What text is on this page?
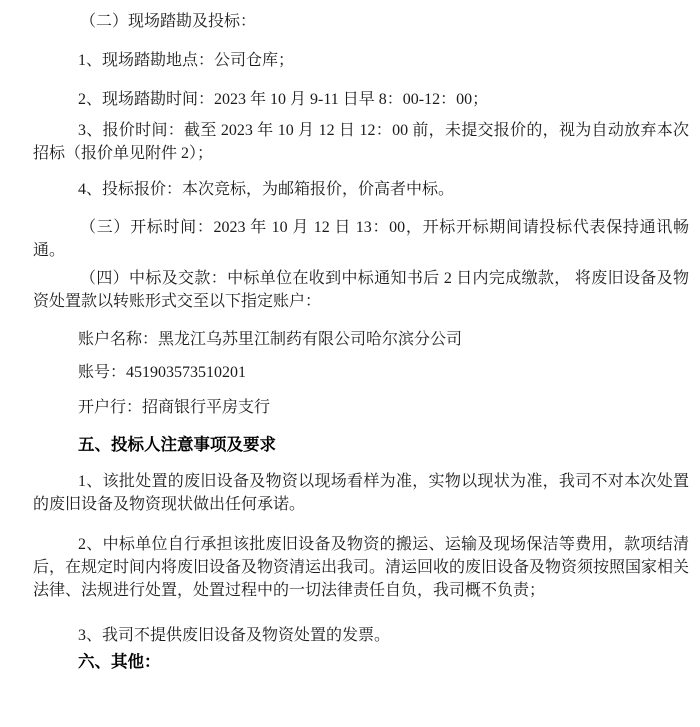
（二）现场踏勘及投标：

1、现场踏勘地点：公司仓库；

2、现场踏勘时间：2023 年 10 月 9-11 日早 8：00-12：00；

3、报价时间：截至 2023 年 10 月 12 日 12：00 前，未提交报价的，视为自动放弃本次招标（报价单见附件 2）；

4、投标报价：本次竞标，为邮箱报价，价高者中标。

（三）开标时间：2023 年 10 月 12 日 13：00，开标开标期间请投标代表保持通讯畅通。

（四）中标及交款：中标单位在收到中标通知书后 2 日内完成缴款， 将废旧设备及物资处置款以转账形式交至以下指定账户：

账户名称：黑龙江乌苏里江制药有限公司哈尔滨分公司

账号：451903573510201

开户行：招商银行平房支行

五、投标人注意事项及要求

1、该批处置的废旧设备及物资以现场看样为准，实物以现状为准，我司不对本次处置的废旧设备及物资现状做出任何承诺。

2、中标单位自行承担该批废旧设备及物资的搬运、运输及现场保洁等费用，款项结清后，在规定时间内将废旧设备及物资清运出我司。清运回收的废旧设备及物资须按照国家相关法律、法规进行处置，处置过程中的一切法律责任自负，我司概不负责；

3、我司不提供废旧设备及物资处置的发票。

六、其他：
